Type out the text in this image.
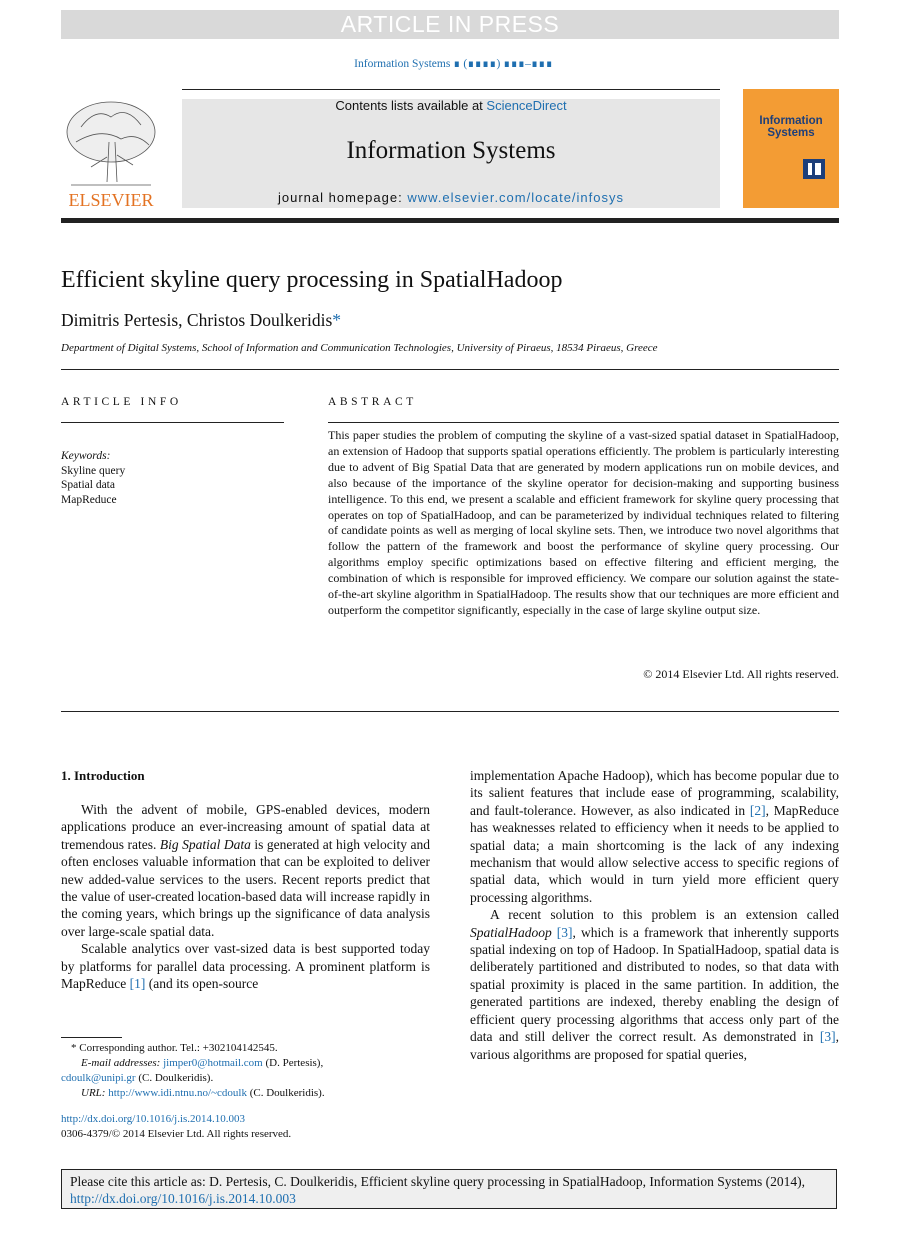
ARTICLE IN PRESS
Information Systems ∎ (∎∎∎∎) ∎∎∎–∎∎∎
ELSEVIER
Contents lists available at ScienceDirect
Information Systems
journal homepage: www.elsevier.com/locate/infosys
Information Systems
Efficient skyline query processing in SpatialHadoop
Dimitris Pertesis, Christos Doulkeridis*
Department of Digital Systems, School of Information and Communication Technologies, University of Piraeus, 18534 Piraeus, Greece
ARTICLE INFO
Keywords:
Skyline query
Spatial data
MapReduce
ABSTRACT
This paper studies the problem of computing the skyline of a vast-sized spatial dataset in SpatialHadoop, an extension of Hadoop that supports spatial operations efficiently. The problem is particularly interesting due to advent of Big Spatial Data that are generated by modern applications run on mobile devices, and also because of the importance of the skyline operator for decision-making and supporting business intelligence. To this end, we present a scalable and efficient framework for skyline query processing that operates on top of SpatialHadoop, and can be parameterized by individual techniques related to filtering of candidate points as well as merging of local skyline sets. Then, we introduce two novel algorithms that follow the pattern of the framework and boost the performance of skyline query processing. Our algorithms employ specific optimizations based on effective filtering and efficient merging, the combination of which is responsible for improved efficiency. We compare our solution against the state-of-the-art skyline algorithm in SpatialHadoop. The results show that our techniques are more efficient and outperform the competitor significantly, especially in the case of large skyline output size.
© 2014 Elsevier Ltd. All rights reserved.
1. Introduction

With the advent of mobile, GPS-enabled devices, modern applications produce an ever-increasing amount of spatial data at tremendous rates. Big Spatial Data is generated at high velocity and often encloses valuable information that can be exploited to deliver new added-value services to the users. Recent reports predict that the value of user-created location-based data will increase rapidly in the coming years, which brings up the significance of data analysis over large-scale spatial data.

Scalable analytics over vast-sized data is best supported today by platforms for parallel data processing. A prominent platform is MapReduce [1] (and its open-source

implementation Apache Hadoop), which has become popular due to its salient features that include ease of programming, scalability, and fault-tolerance. However, as also indicated in [2], MapReduce has weaknesses related to efficiency when it needs to be applied to spatial data; a main shortcoming is the lack of any indexing mechanism that would allow selective access to specific regions of spatial data, which would in turn yield more efficient query processing algorithms.

A recent solution to this problem is an extension called SpatialHadoop [3], which is a framework that inherently supports spatial indexing on top of Hadoop. In SpatialHadoop, spatial data is deliberately partitioned and distributed to nodes, so that data with spatial proximity is placed in the same partition. In addition, the generated partitions are indexed, thereby enabling the design of efficient query processing algorithms that access only part of the data and still deliver the correct result. As demonstrated in [3], various algorithms are proposed for spatial queries,

* Corresponding author. Tel.: +302104142545.
E-mail addresses: jimper0@hotmail.com (D. Pertesis),
cdoulk@unipi.gr (C. Doulkeridis).
URL: http://www.idi.ntnu.no/~cdoulk (C. Doulkeridis).
http://dx.doi.org/10.1016/j.is.2014.10.003
0306-4379/© 2014 Elsevier Ltd. All rights reserved.
Please cite this article as: D. Pertesis, C. Doulkeridis, Efficient skyline query processing in SpatialHadoop, Information Systems (2014), http://dx.doi.org/10.1016/j.is.2014.10.003
